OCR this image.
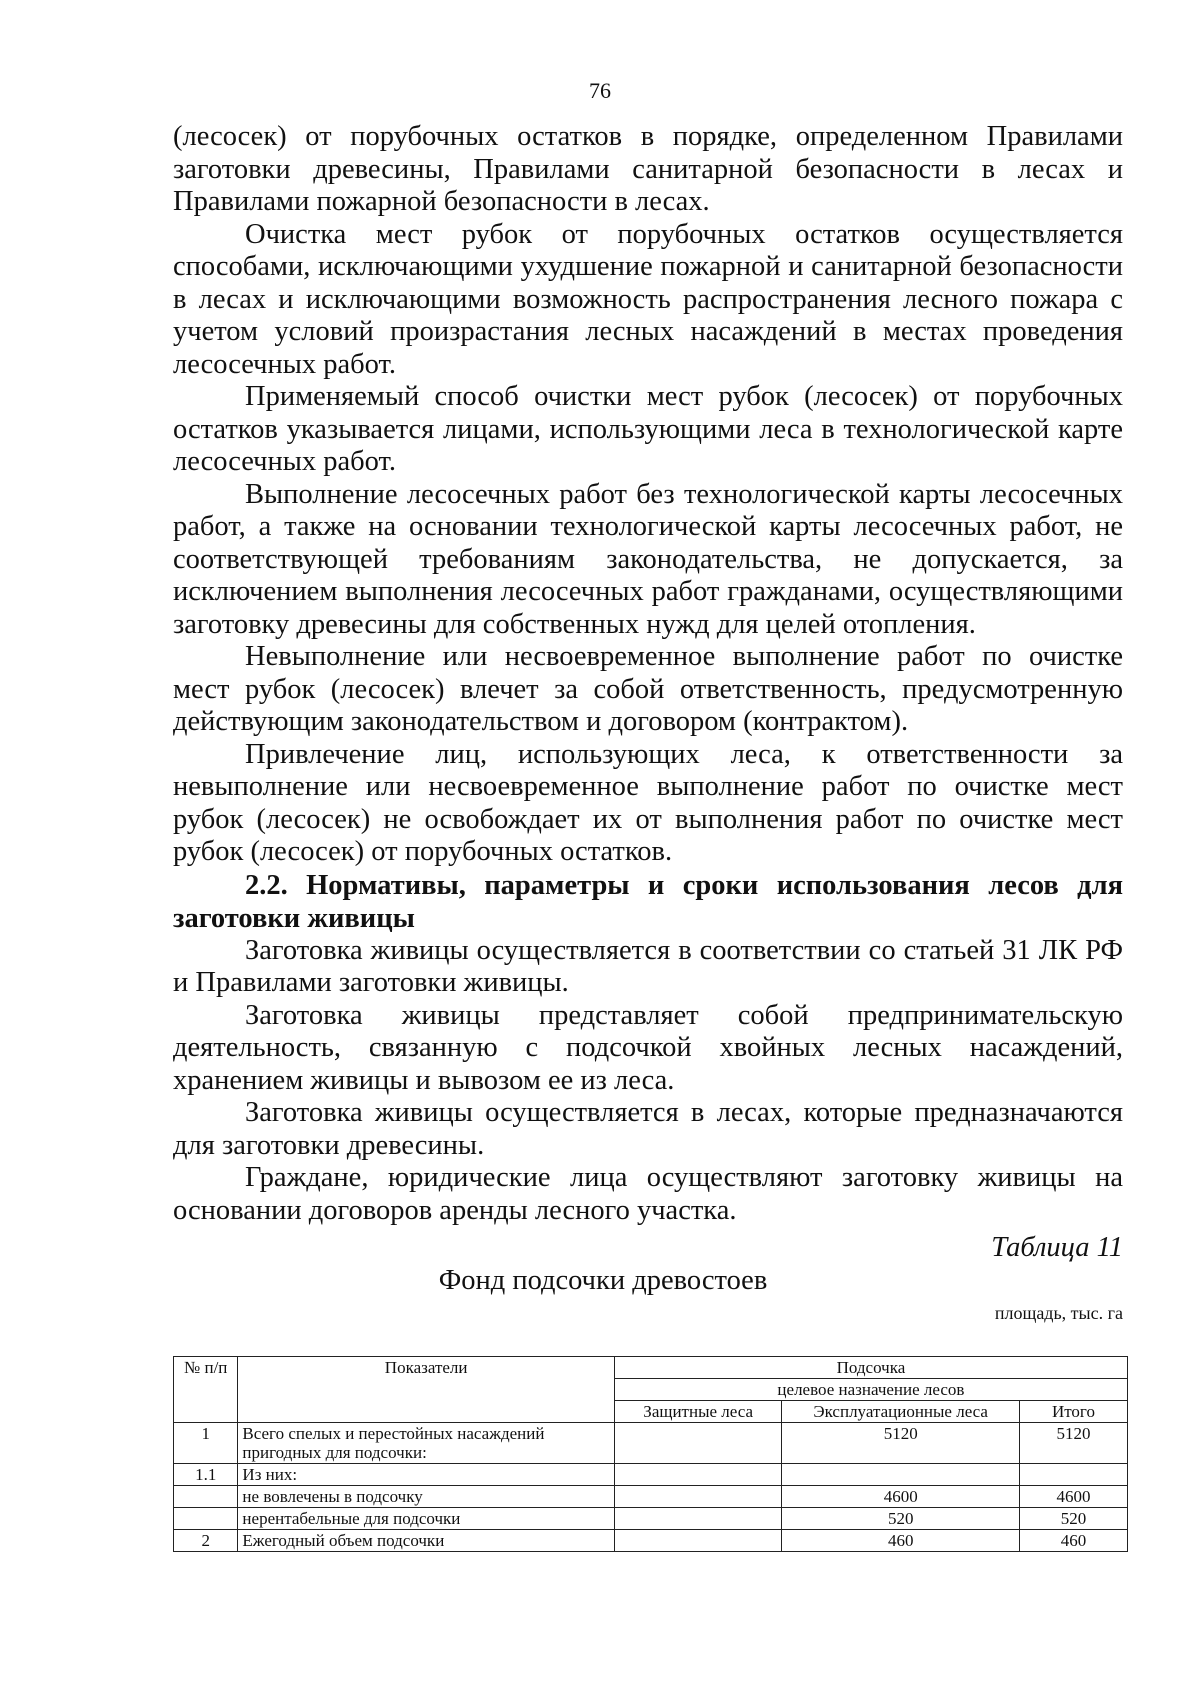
76

(лесосек) от порубочных остатков в порядке, определенном Правилами заготовки древесины, Правилами санитарной безопасности в лесах и Правилами пожарной безопасности в лесах.

Очистка мест рубок от порубочных остатков осуществляется способами, исключающими ухудшение пожарной и санитарной безопасности в лесах и исключающими возможность распространения лесного пожара с учетом условий произрастания лесных насаждений в местах проведения лесосечных работ.

Применяемый способ очистки мест рубок (лесосек) от порубочных остатков указывается лицами, использующими леса в технологической карте лесосечных работ.

Выполнение лесосечных работ без технологической карты лесосечных работ, а также на основании технологической карты лесосечных работ, не соответствующей требованиям законодательства, не допускается, за исключением выполнения лесосечных работ гражданами, осуществляющими заготовку древесины для собственных нужд для целей отопления.

Невыполнение или несвоевременное выполнение работ по очистке мест рубок (лесосек) влечет за собой ответственность, предусмотренную действующим законодательством и договором (контрактом).

Привлечение лиц, использующих леса, к ответственности за невыполнение или несвоевременное выполнение работ по очистке мест рубок (лесосек) не освобождает их от выполнения работ по очистке мест рубок (лесосек) от порубочных остатков.

2.2. Нормативы, параметры и сроки использования лесов для заготовки живицы

Заготовка живицы осуществляется в соответствии со статьей 31 ЛК РФ и Правилами заготовки живицы.

Заготовка живицы представляет собой предпринимательскую деятельность, связанную с подсочкой хвойных лесных насаждений, хранением живицы и вывозом ее из леса.

Заготовка живицы осуществляется в лесах, которые предназначаются для заготовки древесины.

Граждане, юридические лица осуществляют заготовку живицы на основании договоров аренды лесного участка.

Таблица 11
Фонд подсочки древостоев
площадь, тыс. га
№ п/п	Показатели	Подсочка		
		целевое назначение лесов		
		Защитные леса	Эксплуатационные леса	Итого
1	Всего спелых и перестойных насаждений пригодных для подсочки:		5120	5120
1.1	Из них:			
	не вовлечены в подсочку		4600	4600
	нерентабельные для подсочки		520	520
2	Ежегодный объем подсочки		460	460
